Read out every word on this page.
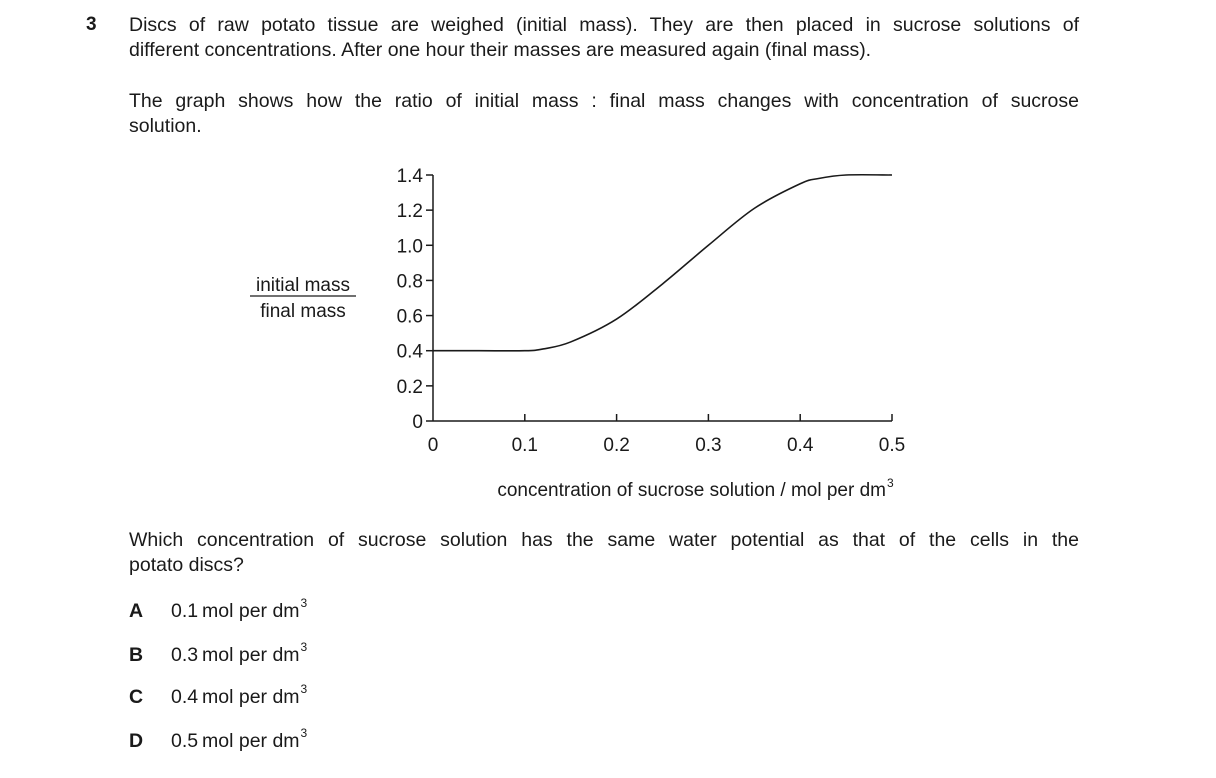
3 Discs of raw potato tissue are weighed (initial mass). They are then placed in sucrose solutions of
different concentrations. After one hour their masses are measured again (final mass).
The graph shows how the ratio of initial mass : final mass changes with concentration of sucrose
solution.
0
0.2
0.4
0.6
0.8
1.0
1.2
1.4
0	0.1	0.2	0.3	0.4	0.5
initial mass
final mass
concentration of sucrose solution / mol per dm 3
Which concentration of sucrose solution has the same water potential as that of the cells in the
potato discs?
A	0.1  mol per $dm^3$
B	0.3  mol per $dm^3$
C	0.4  mol per $dm^3$
D	0.5  mol per $dm^3$
